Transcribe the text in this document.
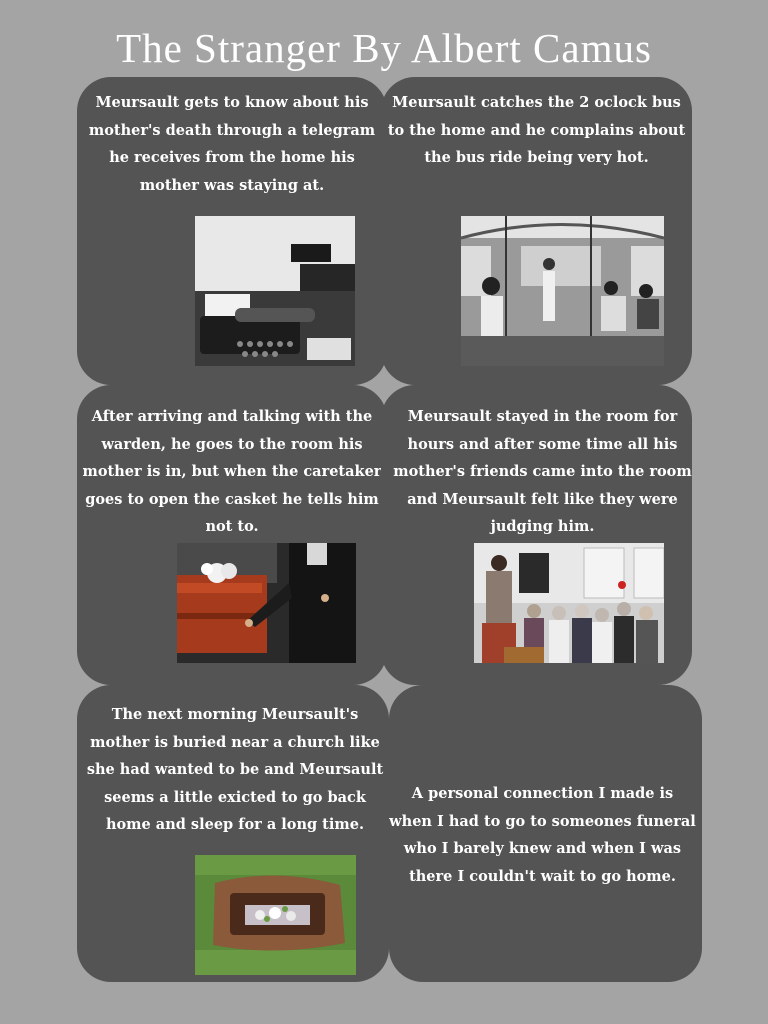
The Stranger By Albert Camus

Meursault gets to know about his mother's death through a telegram he receives from the home his mother was staying at.

Meursault catches the 2 oclock bus to the home and he complains about the bus ride being very hot.

After arriving and talking with the warden, he goes to the room his mother is in, but when the caretaker goes to open the casket he tells him not to.

Meursault stayed in the room for hours and after some time all his mother's friends came into the room and Meursault felt like they were judging him.

The next morning Meursault's mother is buried near a church like she had wanted to be and Meursault seems a little exicted to go back home and sleep for a long time.

A personal connection I made is when I had to go to someones funeral who I barely knew and when I was there I couldn't wait to go home.
